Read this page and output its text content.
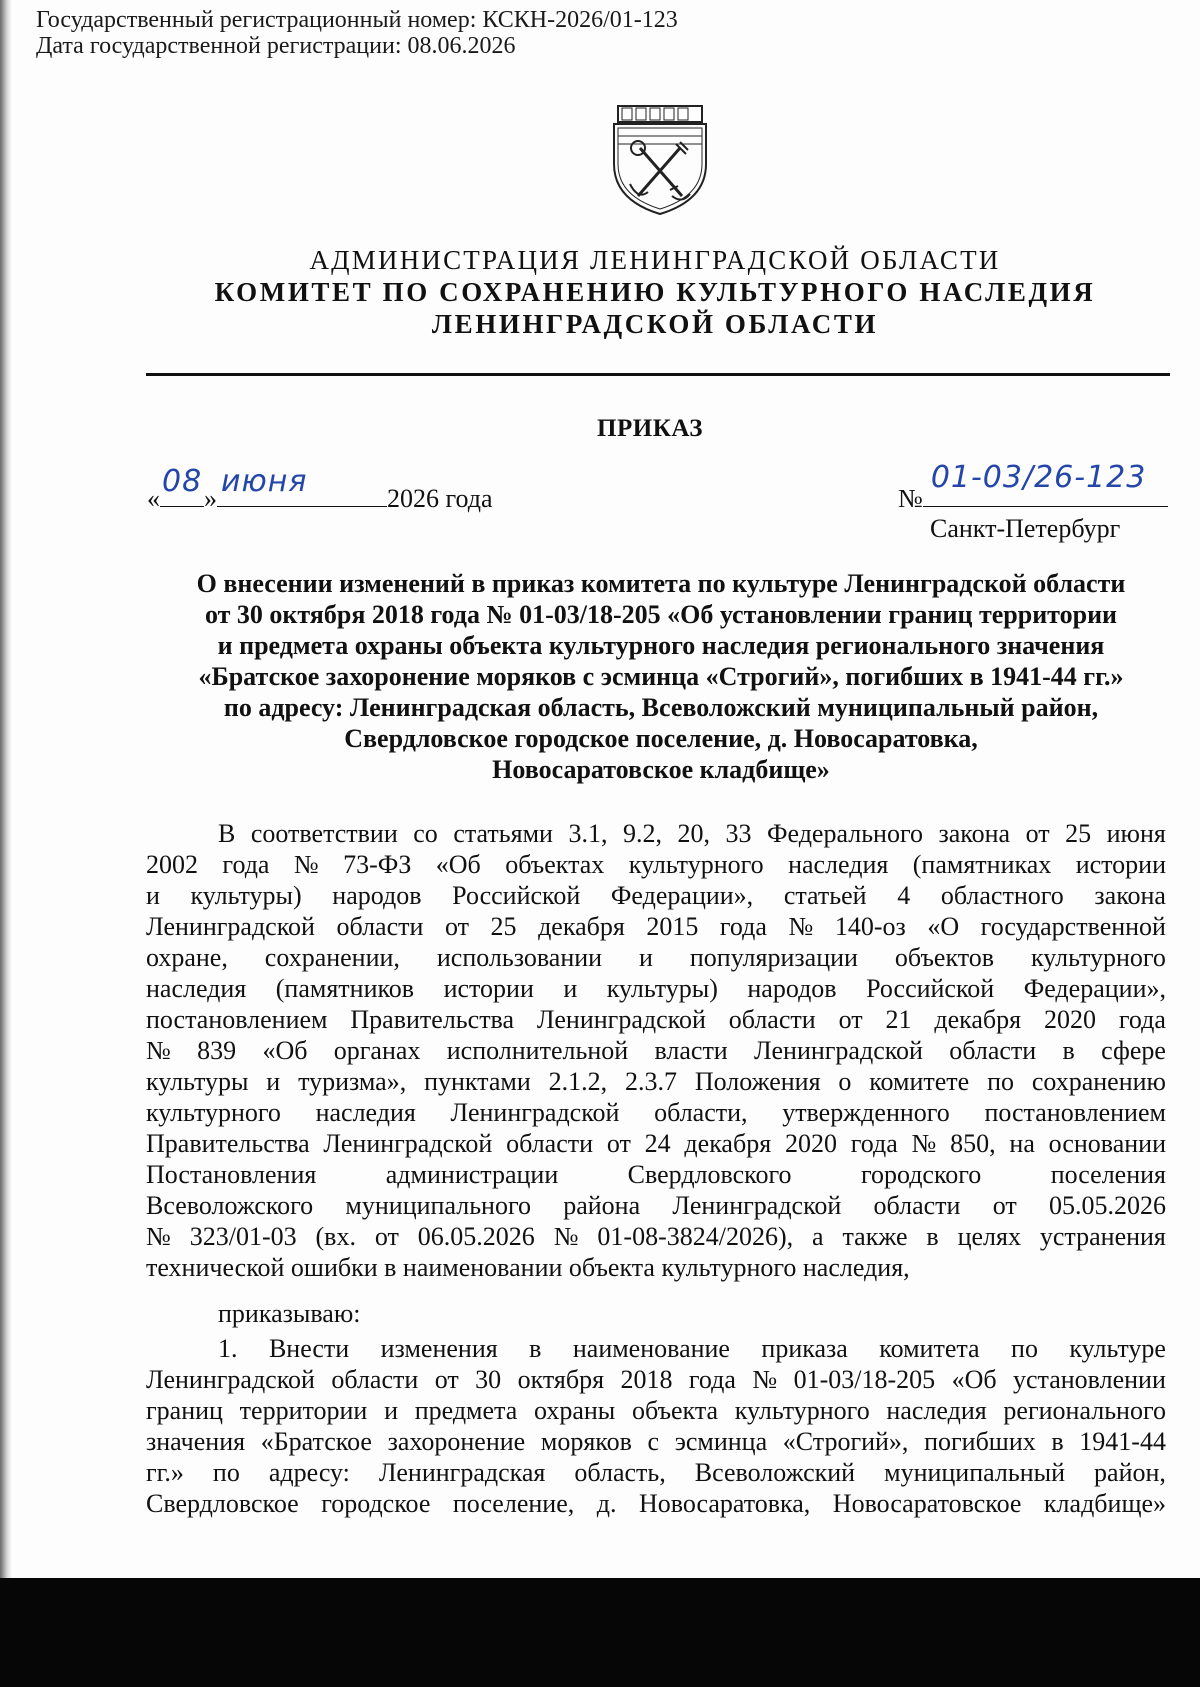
Государственный регистрационный номер: КСКН-2026/01-123
Дата государственной регистрации: 08.06.2026
АДМИНИСТРАЦИЯ ЛЕНИНГРАДСКОЙ ОБЛАСТИ
КОМИТЕТ ПО СОХРАНЕНИЮ КУЛЬТУРНОГО НАСЛЕДИЯ
ЛЕНИНГРАДСКОЙ ОБЛАСТИ
ПРИКАЗ
« 08 » июня	2026 года	№
01-03/26-123
Санкт-Петербург
О внесении изменений в приказ комитета по культуре Ленинградской области
от 30 октября 2018 года № 01-03/18-205 «Об установлении границ территории
и предмета охраны объекта культурного наследия регионального значения
«Братское захоронение моряков с эсминца «Строгий», погибших в 1941-44 гг.»
по адресу: Ленинградская область, Всеволожский муниципальный район,
Свердловское городское поселение, д. Новосаратовка,
Новосаратовское кладбище»
В соответствии со статьями 3.1, 9.2, 20, 33 Федерального закона от 25 июня
2002 года № 73-ФЗ «Об объектах культурного наследия (памятниках истории
и культуры) народов Российской Федерации», статьей 4 областного закона
Ленинградской области от 25 декабря 2015 года № 140-оз «О государственной
охране, сохранении, использовании и популяризации объектов культурного
наследия (памятников истории и культуры) народов Российской Федерации»,
постановлением Правительства Ленинградской области от 21 декабря 2020 года
№ 839 «Об органах исполнительной власти Ленинградской области в сфере
культуры и туризма», пунктами 2.1.2, 2.3.7 Положения о комитете по сохранению
культурного наследия Ленинградской области, утвержденного постановлением
Правительства Ленинградской области от 24 декабря 2020 года № 850, на основании
Постановления	администрации	Свердловского	городского	поселения
Всеволожского муниципального района Ленинградской области от 05.05.2026
№ 323/01-03 (вх. от 06.05.2026 № 01-08-3824/2026), а также в целях устранения
технической ошибки в наименовании объекта культурного наследия,
приказываю:
1. Внести изменения в наименование приказа комитета по культуре
Ленинградской области от 30 октября 2018 года № 01-03/18-205 «Об установлении
границ территории и предмета охраны объекта культурного наследия регионального
значения «Братское захоронение моряков с эсминца «Строгий», погибших в 1941-44
гг.» по адресу: Ленинградская область, Всеволожский муниципальный район,
Свердловское городское поселение, д. Новосаратовка, Новосаратовское кладбище»
